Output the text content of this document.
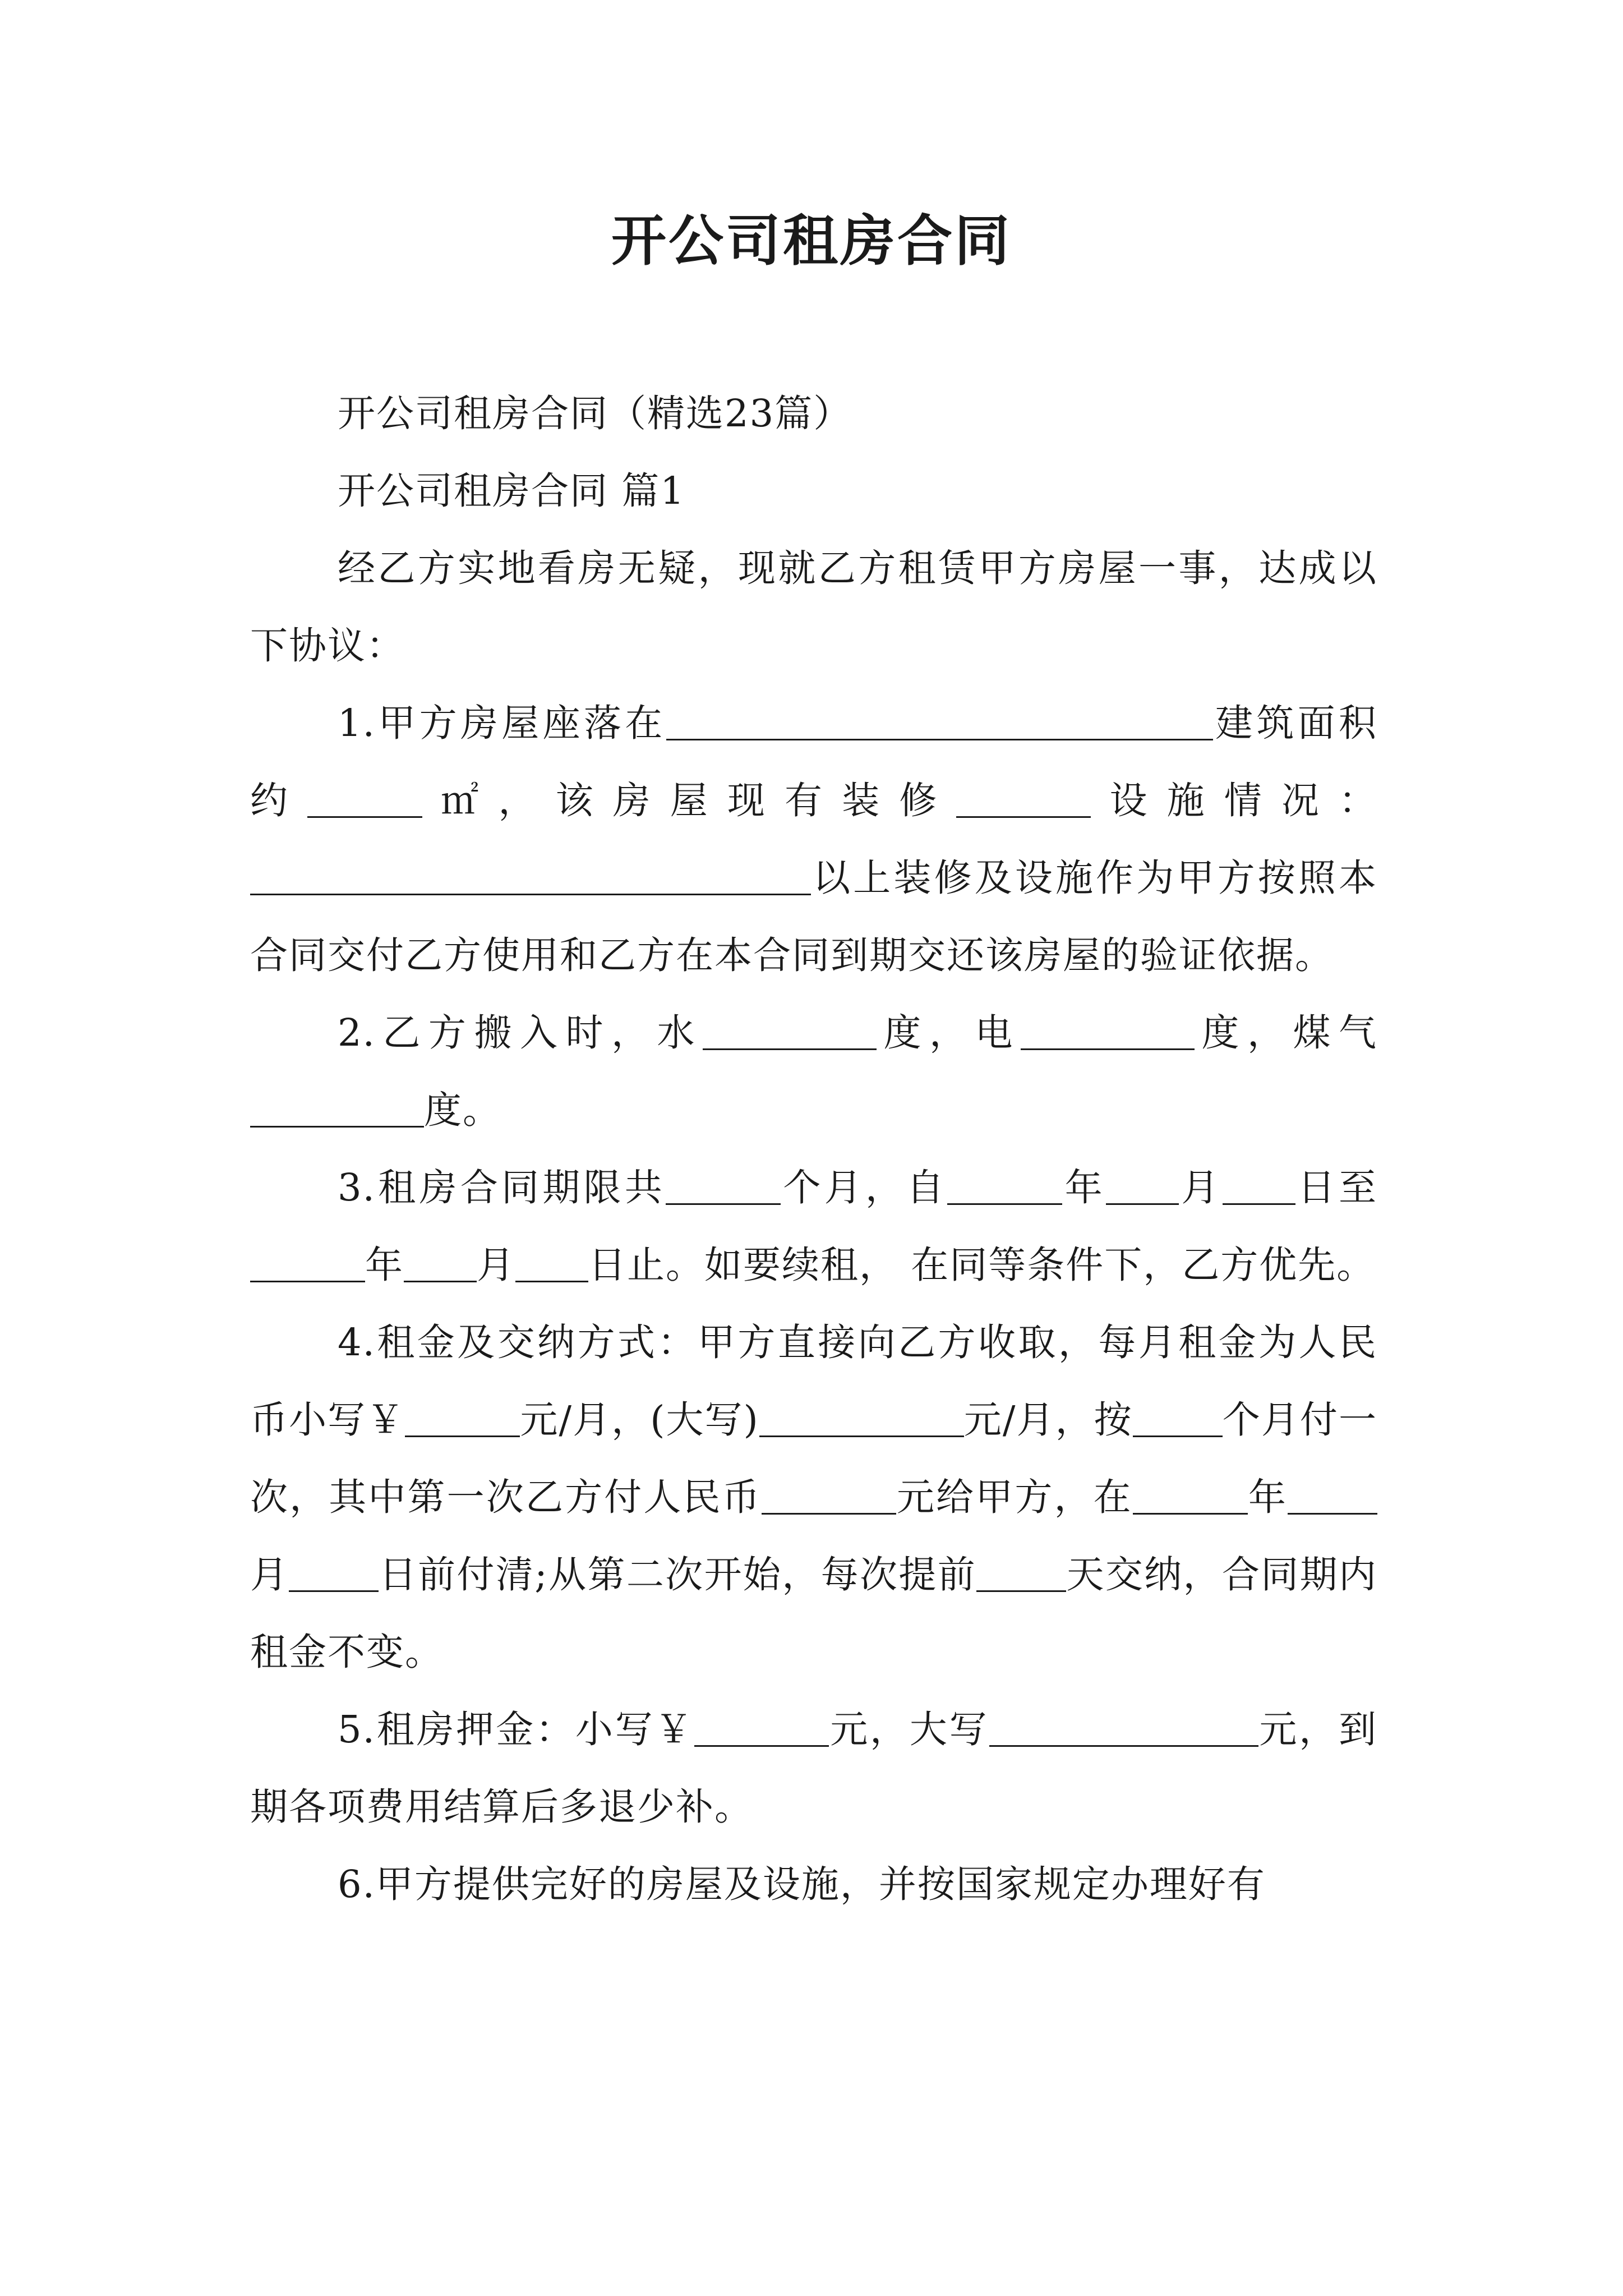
开公司租房合同

开公司租房合同（精选23篇）

开公司租房合同 篇1

经乙方实地看房无疑，现就乙方租赁甲方房屋一事，达成以下协议：

1.甲方房屋座落在	建筑面积约	㎡，该房屋现有装修	设施情况：以上装修及设施作为甲方按照本合同交付乙方使用和乙方在本合同到期交还该房屋的验证依据。

2.乙方搬入时，水	度，电	度，煤气度。

3.租房合同期限共	个月，自	年 月 日至年 月 日止。如要续租， 在同等条件下，乙方优先。

4.租金及交纳方式：甲方直接向乙方收取，每月租金为人民币小写￥	元/月，(大写)	元/月，按 个月付一次，其中第一次乙方付人民币	元给甲方，在	年月 日前付清;从第二次开始，每次提前 天交纳，合同期内租金不变。

5.租房押金：小写￥	元，大写	元，到期各项费用结算后多退少补。

6.甲方提供完好的房屋及设施，并按国家规定办理好有
